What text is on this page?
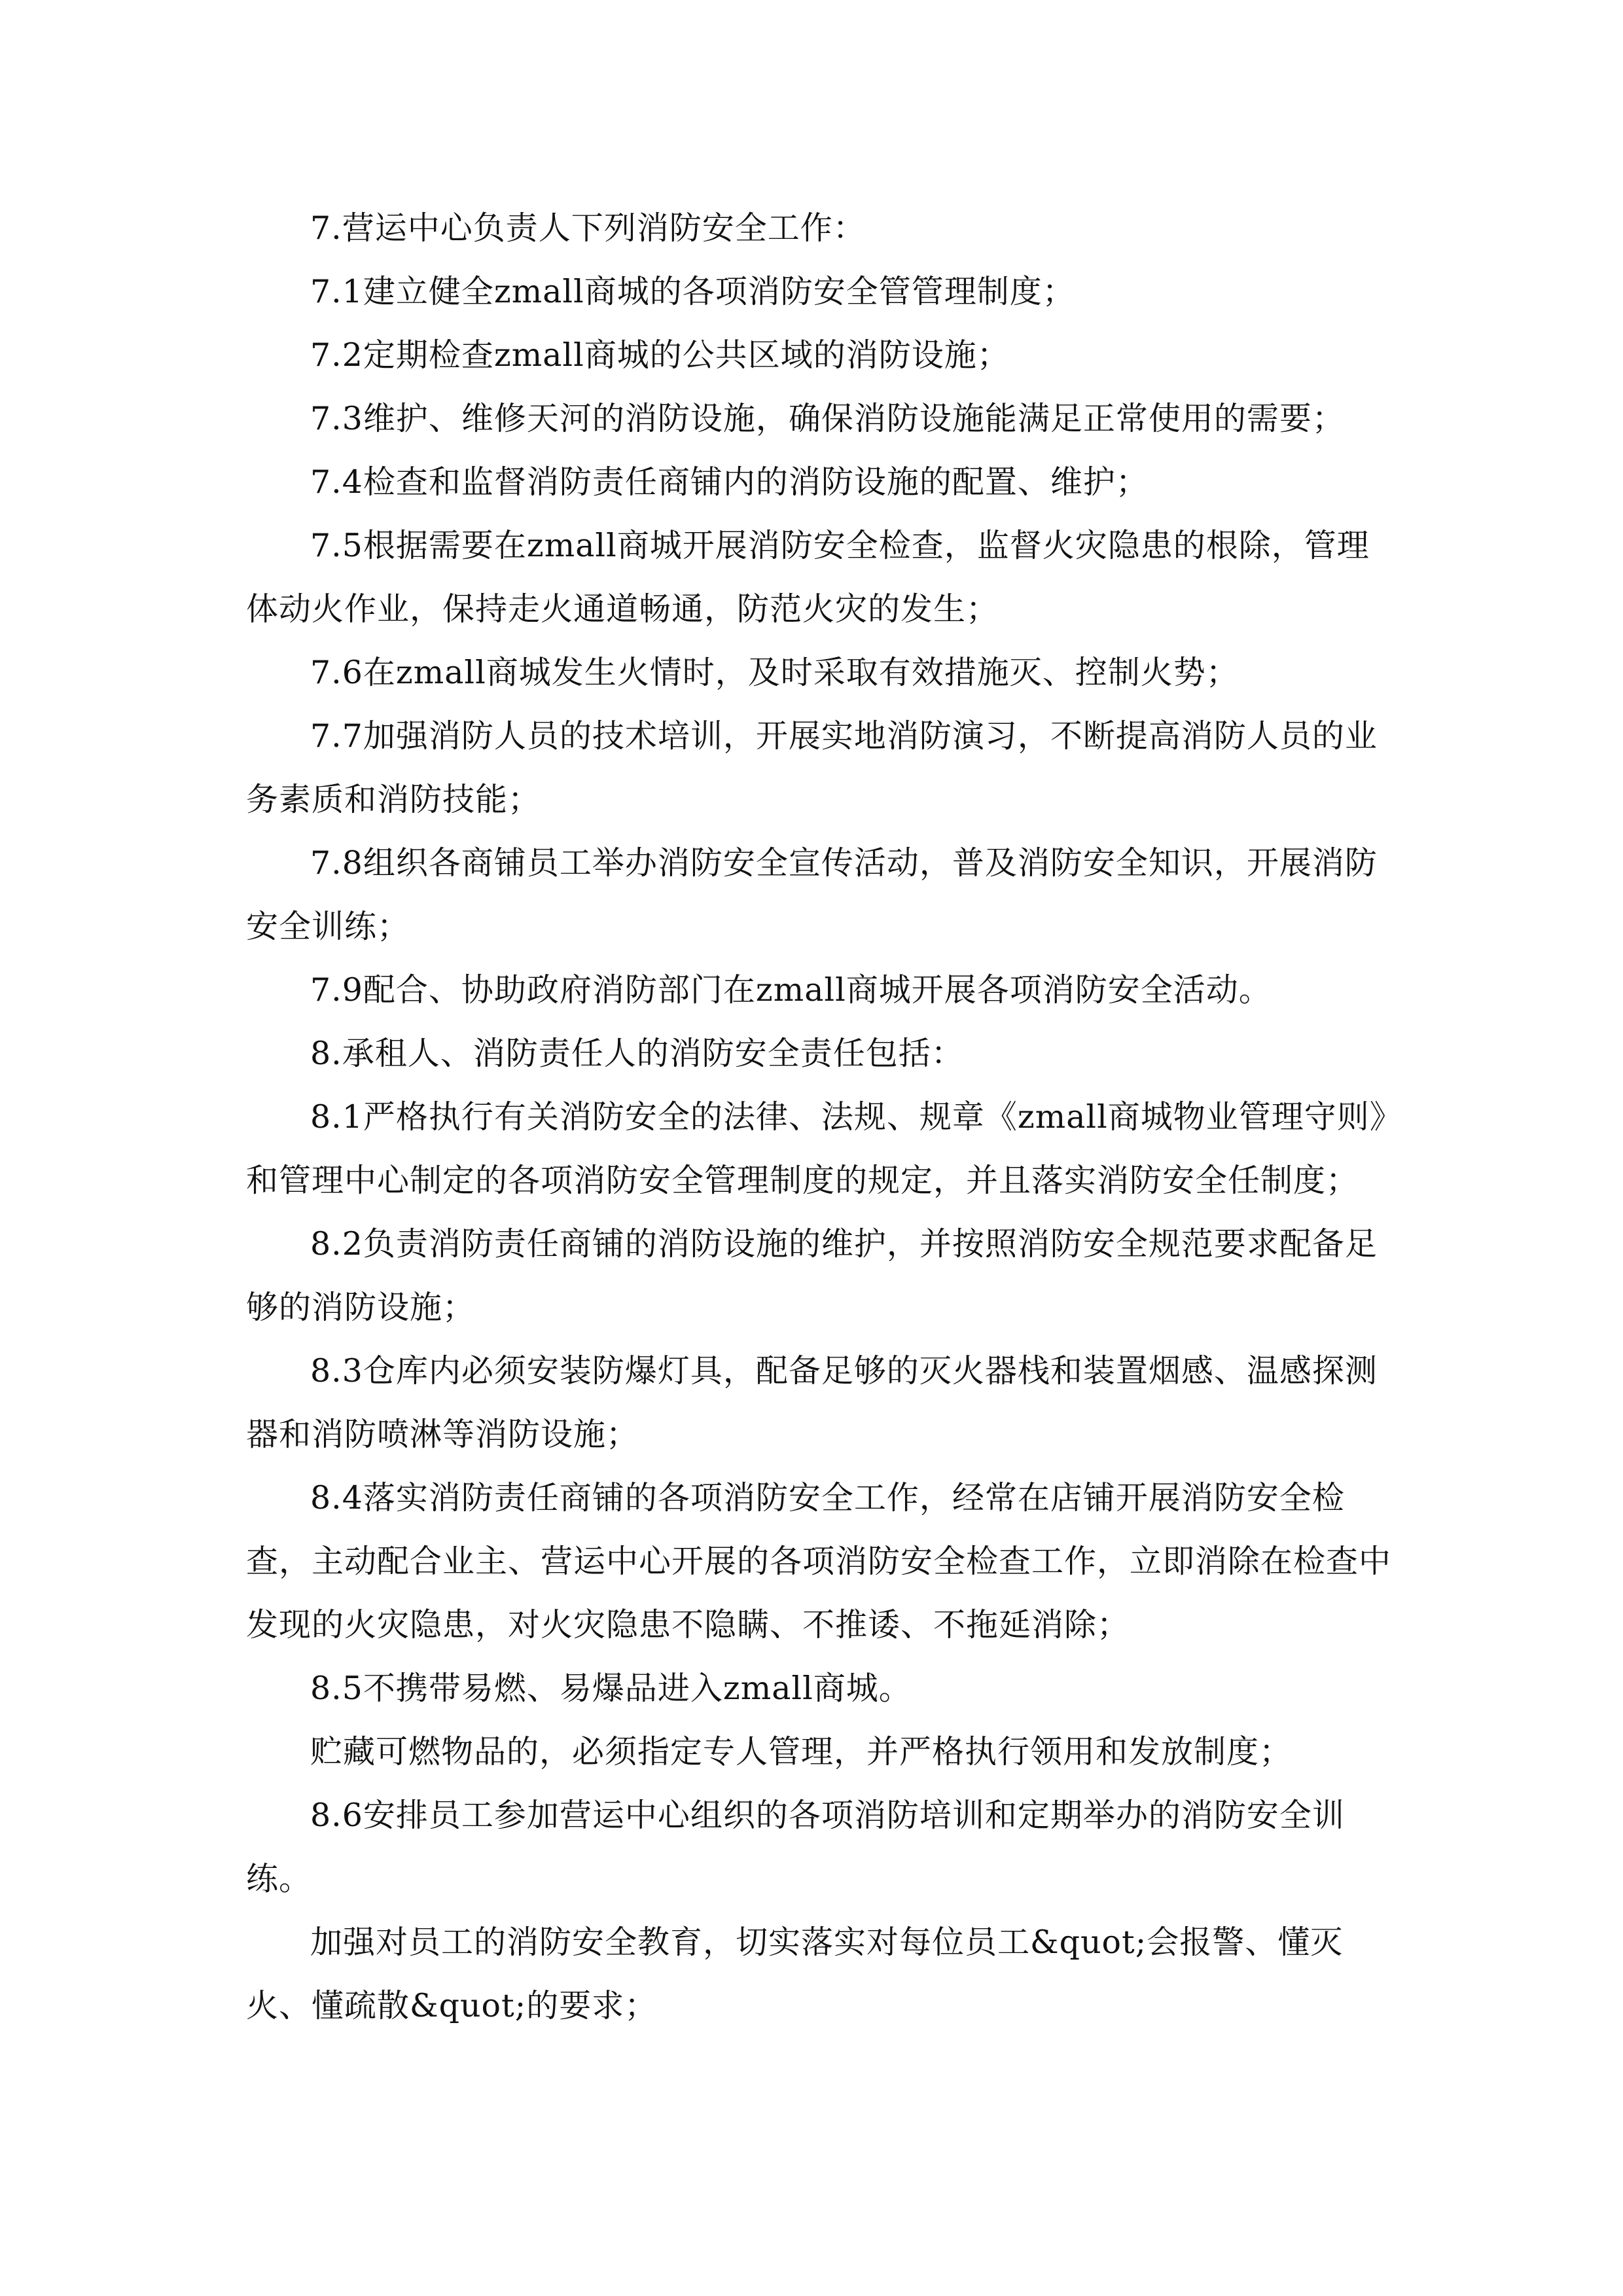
7.营运中心负责人下列消防安全工作：

7.1建立健全zmall商城的各项消防安全管管理制度；

7.2定期检查zmall商城的公共区域的消防设施；

7.3维护、维修天河的消防设施，确保消防设施能满足正常使用的需要；

7.4检查和监督消防责任商铺内的消防设施的配置、维护；

7.5根据需要在zmall商城开展消防安全检查，监督火灾隐患的根除，管理体动火作业，保持走火通道畅通，防范火灾的发生；

7.6在zmall商城发生火情时，及时采取有效措施灭、控制火势；

7.7加强消防人员的技术培训，开展实地消防演习，不断提高消防人员的业务素质和消防技能；

7.8组织各商铺员工举办消防安全宣传活动，普及消防安全知识，开展消防安全训练；

7.9配合、协助政府消防部门在zmall商城开展各项消防安全活动。

8.承租人、消防责任人的消防安全责任包括：

8.1严格执行有关消防安全的法律、法规、规章《zmall商城物业管理守则》和管理中心制定的各项消防安全管理制度的规定，并且落实消防安全任制度；

8.2负责消防责任商铺的消防设施的维护，并按照消防安全规范要求配备足够的消防设施；

8.3仓库内必须安装防爆灯具，配备足够的灭火器栈和装置烟感、温感探测器和消防喷淋等消防设施；

8.4落实消防责任商铺的各项消防安全工作，经常在店铺开展消防安全检查，主动配合业主、营运中心开展的各项消防安全检查工作，立即消除在检查中发现的火灾隐患，对火灾隐患不隐瞒、不推诿、不拖延消除；

8.5不携带易燃、易爆品进入zmall商城。

贮藏可燃物品的，必须指定专人管理，并严格执行领用和发放制度；

8.6安排员工参加营运中心组织的各项消防培训和定期举办的消防安全训练。

加强对员工的消防安全教育，切实落实对每位员工&quot;会报警、懂灭火、懂疏散&quot;的要求；
